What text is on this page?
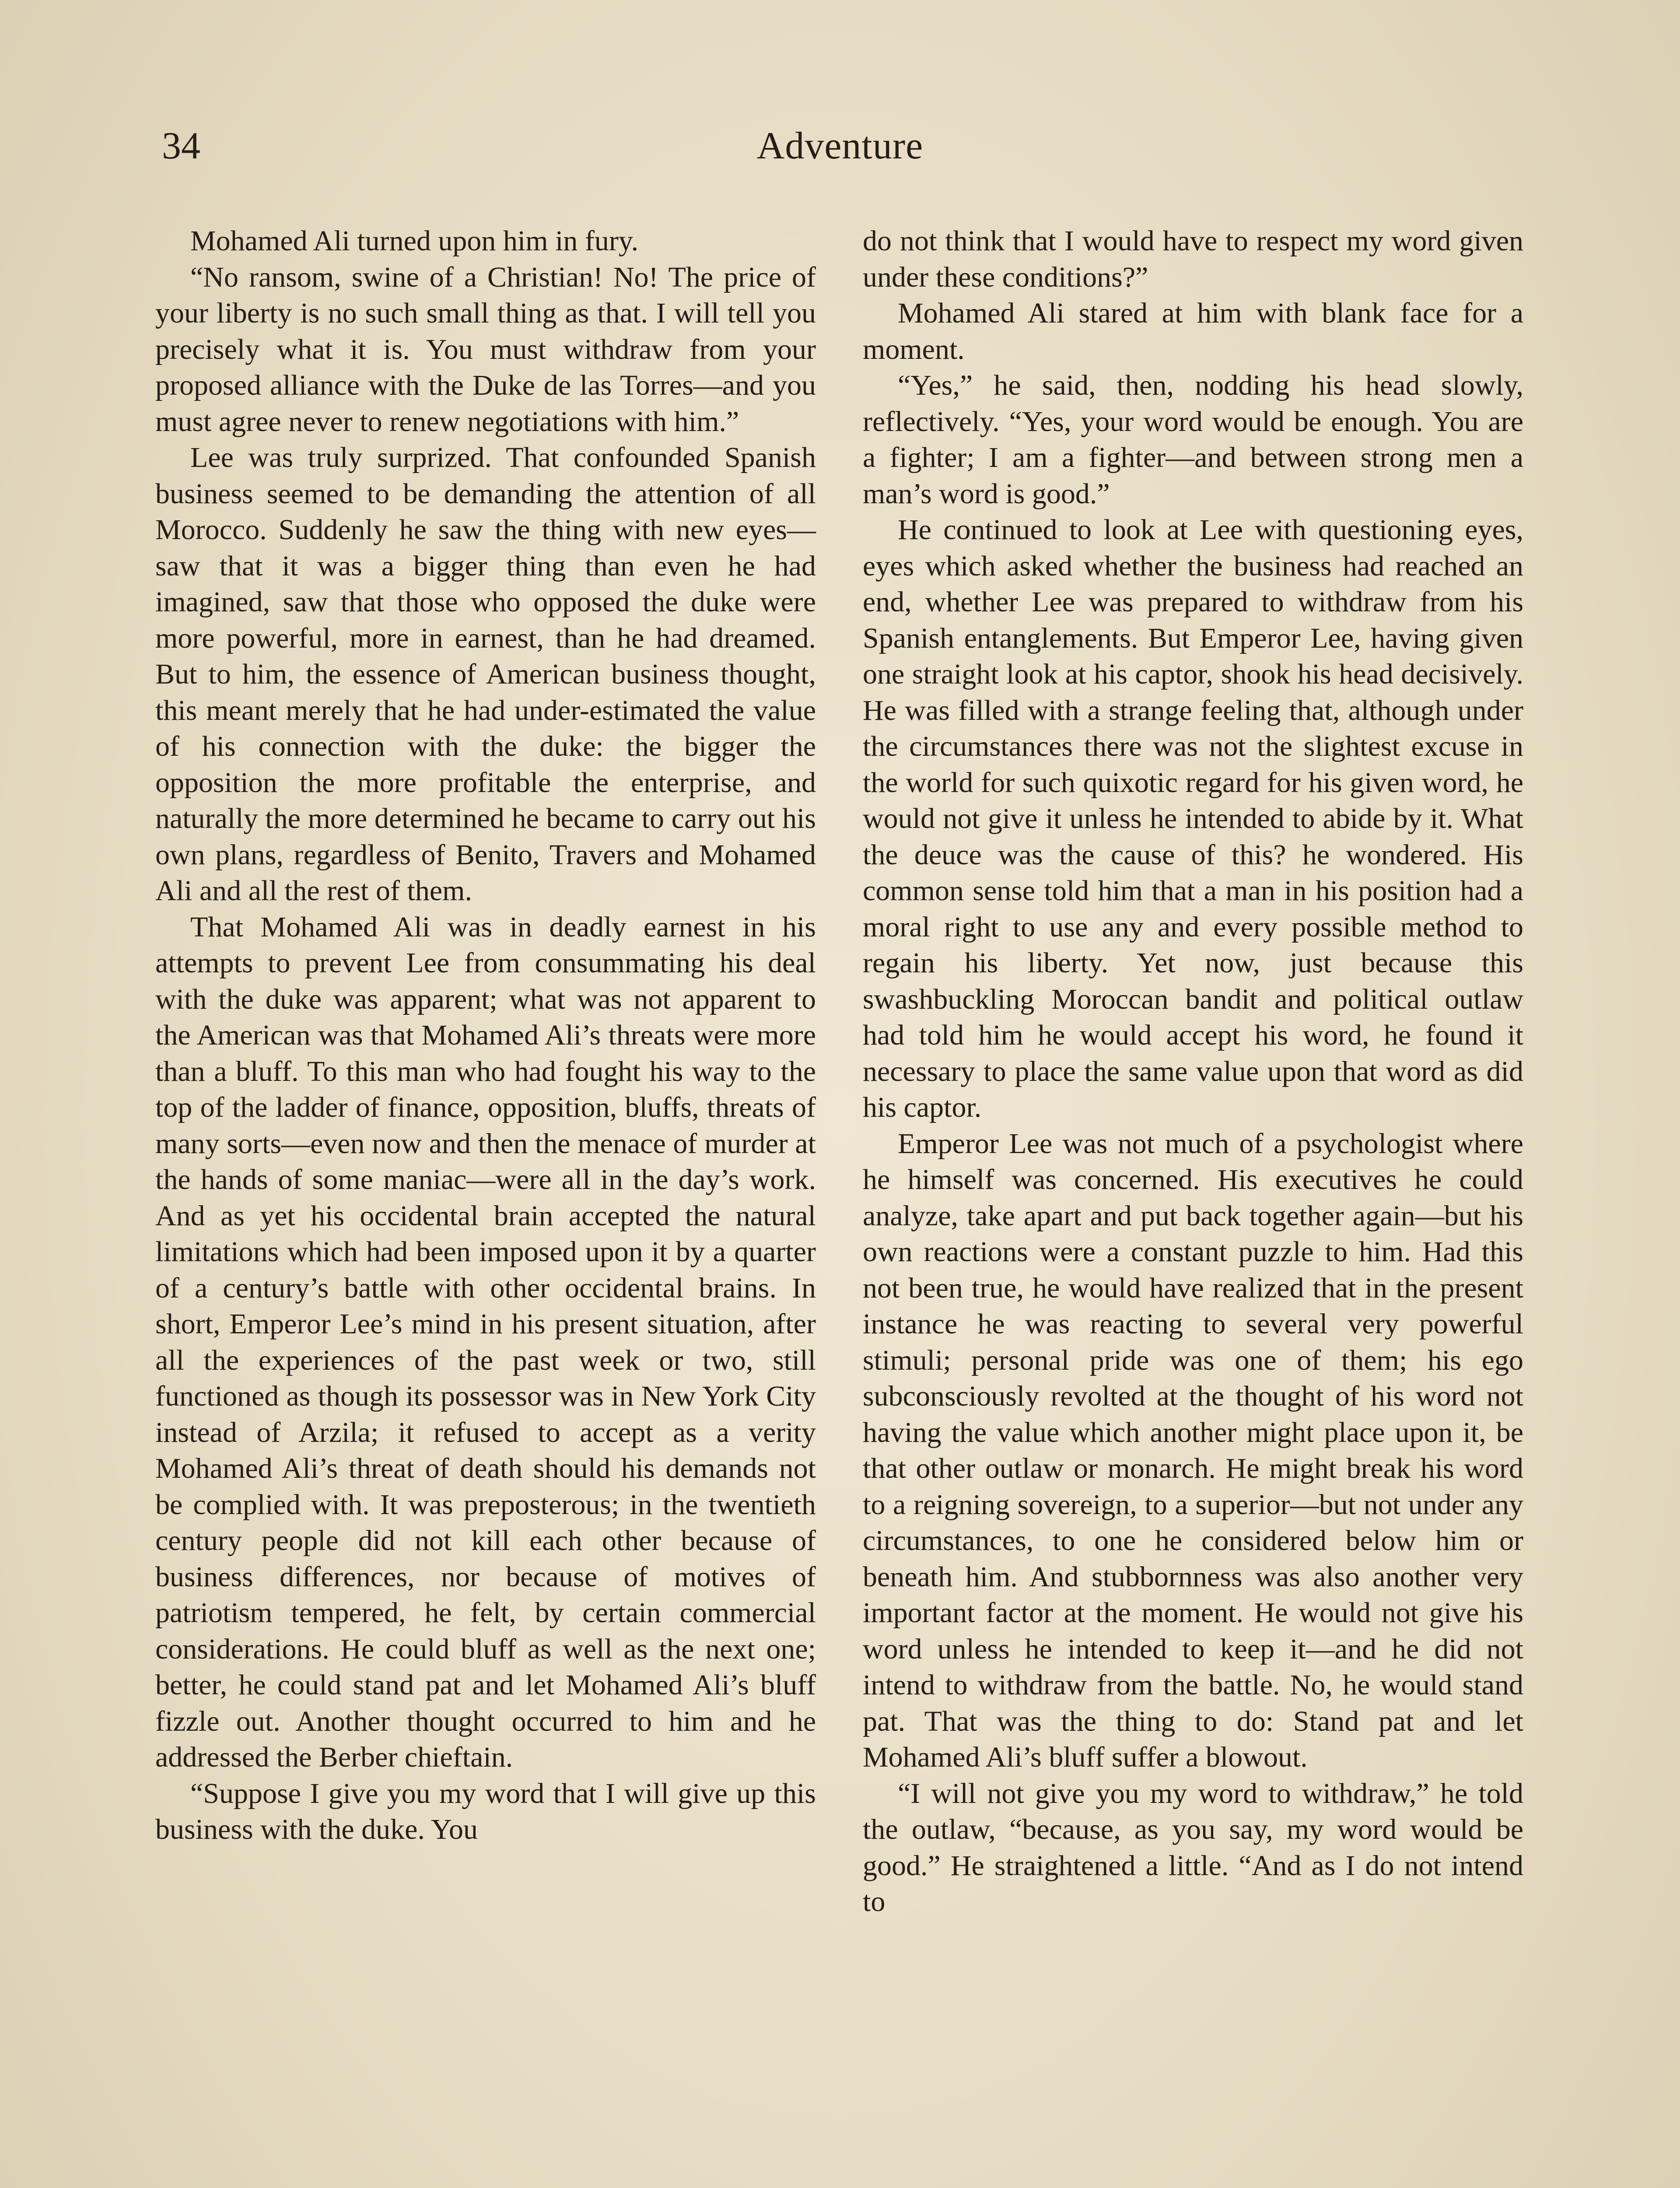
34	Adventure

Mohamed Ali turned upon him in fury.

“No ransom, swine of a Christian! No! The price of your liberty is no such small thing as that. I will tell you precisely what it is. You must withdraw from your proposed alliance with the Duke de las Torres—and you must agree never to renew negotiations with him.”

Lee was truly surprized. That confounded Spanish business seemed to be demanding the attention of all Morocco. Suddenly he saw the thing with new eyes—saw that it was a bigger thing than even he had imagined, saw that those who opposed the duke were more powerful, more in earnest, than he had dreamed. But to him, the essence of American business thought, this meant merely that he had under-estimated the value of his connection with the duke: the bigger the opposition the more profitable the enterprise, and naturally the more determined he became to carry out his own plans, regardless of Benito, Travers and Mohamed Ali and all the rest of them.

That Mohamed Ali was in deadly earnest in his attempts to prevent Lee from consummating his deal with the duke was apparent; what was not apparent to the American was that Mohamed Ali’s threats were more than a bluff. To this man who had fought his way to the top of the ladder of finance, opposition, bluffs, threats of many sorts—even now and then the menace of murder at the hands of some maniac—were all in the day’s work. And as yet his occidental brain accepted the natural limitations which had been imposed upon it by a quarter of a century’s battle with other occidental brains. In short, Emperor Lee’s mind in his present situation, after all the experiences of the past week or two, still functioned as though its possessor was in New York City instead of Arzila; it refused to accept as a verity Mohamed Ali’s threat of death should his demands not be complied with. It was preposterous; in the twentieth century people did not kill each other because of business differences, nor because of motives of patriotism tempered, he felt, by certain commercial considerations. He could bluff as well as the next one; better, he could stand pat and let Mohamed Ali’s bluff fizzle out. Another thought occurred to him and he addressed the Berber chieftain.

“Suppose I give you my word that I will give up this business with the duke. You

do not think that I would have to respect my word given under these conditions?”

Mohamed Ali stared at him with blank face for a moment.

“Yes,” he said, then, nodding his head slowly, reflectively. “Yes, your word would be enough. You are a fighter; I am a fighter—and between strong men a man’s word is good.”

He continued to look at Lee with questioning eyes, eyes which asked whether the business had reached an end, whether Lee was prepared to withdraw from his Spanish entanglements. But Emperor Lee, having given one straight look at his captor, shook his head decisively. He was filled with a strange feeling that, although under the circumstances there was not the slightest excuse in the world for such quixotic regard for his given word, he would not give it unless he intended to abide by it. What the deuce was the cause of this? he wondered. His common sense told him that a man in his position had a moral right to use any and every possible method to regain his liberty. Yet now, just because this swashbuckling Moroccan bandit and political outlaw had told him he would accept his word, he found it necessary to place the same value upon that word as did his captor.

Emperor Lee was not much of a psychologist where he himself was concerned. His executives he could analyze, take apart and put back together again—but his own reactions were a constant puzzle to him. Had this not been true, he would have realized that in the present instance he was reacting to several very powerful stimuli; personal pride was one of them; his ego subconsciously revolted at the thought of his word not having the value which another might place upon it, be that other outlaw or monarch. He might break his word to a reigning sovereign, to a superior—but not under any circumstances, to one he considered below him or beneath him. And stubbornness was also another very important factor at the moment. He would not give his word unless he intended to keep it—and he did not intend to withdraw from the battle. No, he would stand pat. That was the thing to do: Stand pat and let Mohamed Ali’s bluff suffer a blowout.

“I will not give you my word to withdraw,” he told the outlaw, “because, as you say, my word would be good.” He straightened a little. “And as I do not intend to
